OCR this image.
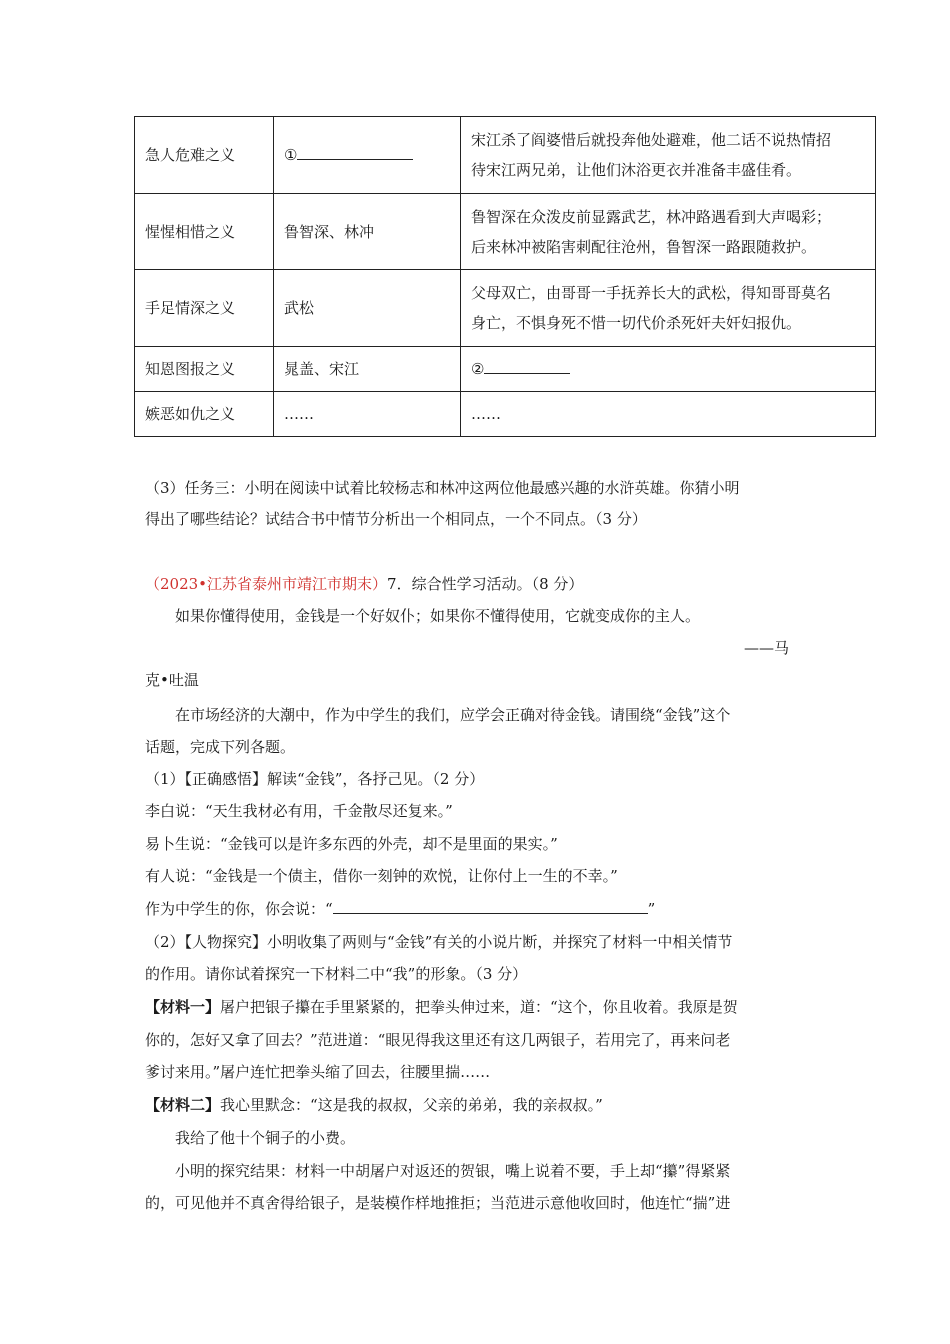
急人危难之义	①	宋江杀了阎婆惜后就投奔他处避难，他二话不说热情招
待宋江两兄弟，让他们沐浴更衣并准备丰盛佳肴。
惺惺相惜之义	鲁智深、林冲	鲁智深在众泼皮前显露武艺，林冲路遇看到大声喝彩；
后来林冲被陷害刺配往沧州，鲁智深一路跟随救护。
手足情深之义	武松	父母双亡，由哥哥一手抚养长大的武松，得知哥哥莫名
身亡，不惧身死不惜一切代价杀死奸夫奸妇报仇。
知恩图报之义	晁盖、宋江	②
嫉恶如仇之义	……	……
（3）任务三：小明在阅读中试着比较杨志和林冲这两位他最感兴趣的水浒英雄。你猜小明
得出了哪些结论？试结合书中情节分析出一个相同点，一个不同点。（3 分）
（2023•江苏省泰州市靖江市期末）7．综合性学习活动。（8 分）
如果你懂得使用，金钱是一个好奴仆；如果你不懂得使用，它就变成你的主人。
——马
克•吐温
在市场经济的大潮中，作为中学生的我们，应学会正确对待金钱。请围绕“金钱”这个
话题，完成下列各题。
（1）【正确感悟】解读“金钱”，各抒己见。（2 分）
李白说：“天生我材必有用，千金散尽还复来。”
易卜生说：“金钱可以是许多东西的外壳，却不是里面的果实。”
有人说：“金钱是一个债主，借你一刻钟的欢悦，让你付上一生的不幸。”
作为中学生的你，你会说：“	”
（2）【人物探究】小明收集了两则与“金钱”有关的小说片断，并探究了材料一中相关情节
的作用。请你试着探究一下材料二中“我”的形象。（3 分）
【材料一】屠户把银子攥在手里紧紧的，把拳头伸过来，道：“这个，你且收着。我原是贺
你的，怎好又拿了回去？”范进道：“眼见得我这里还有这几两银子，若用完了，再来问老
爹讨来用。”屠户连忙把拳头缩了回去，往腰里揣……
【材料二】我心里默念：“这是我的叔叔，父亲的弟弟，我的亲叔叔。”
我给了他十个铜子的小费。
小明的探究结果：材料一中胡屠户对返还的贺银，嘴上说着不要，手上却“攥”得紧紧
的，可见他并不真舍得给银子，是装模作样地推拒；当范进示意他收回时，他连忙“揣”进
